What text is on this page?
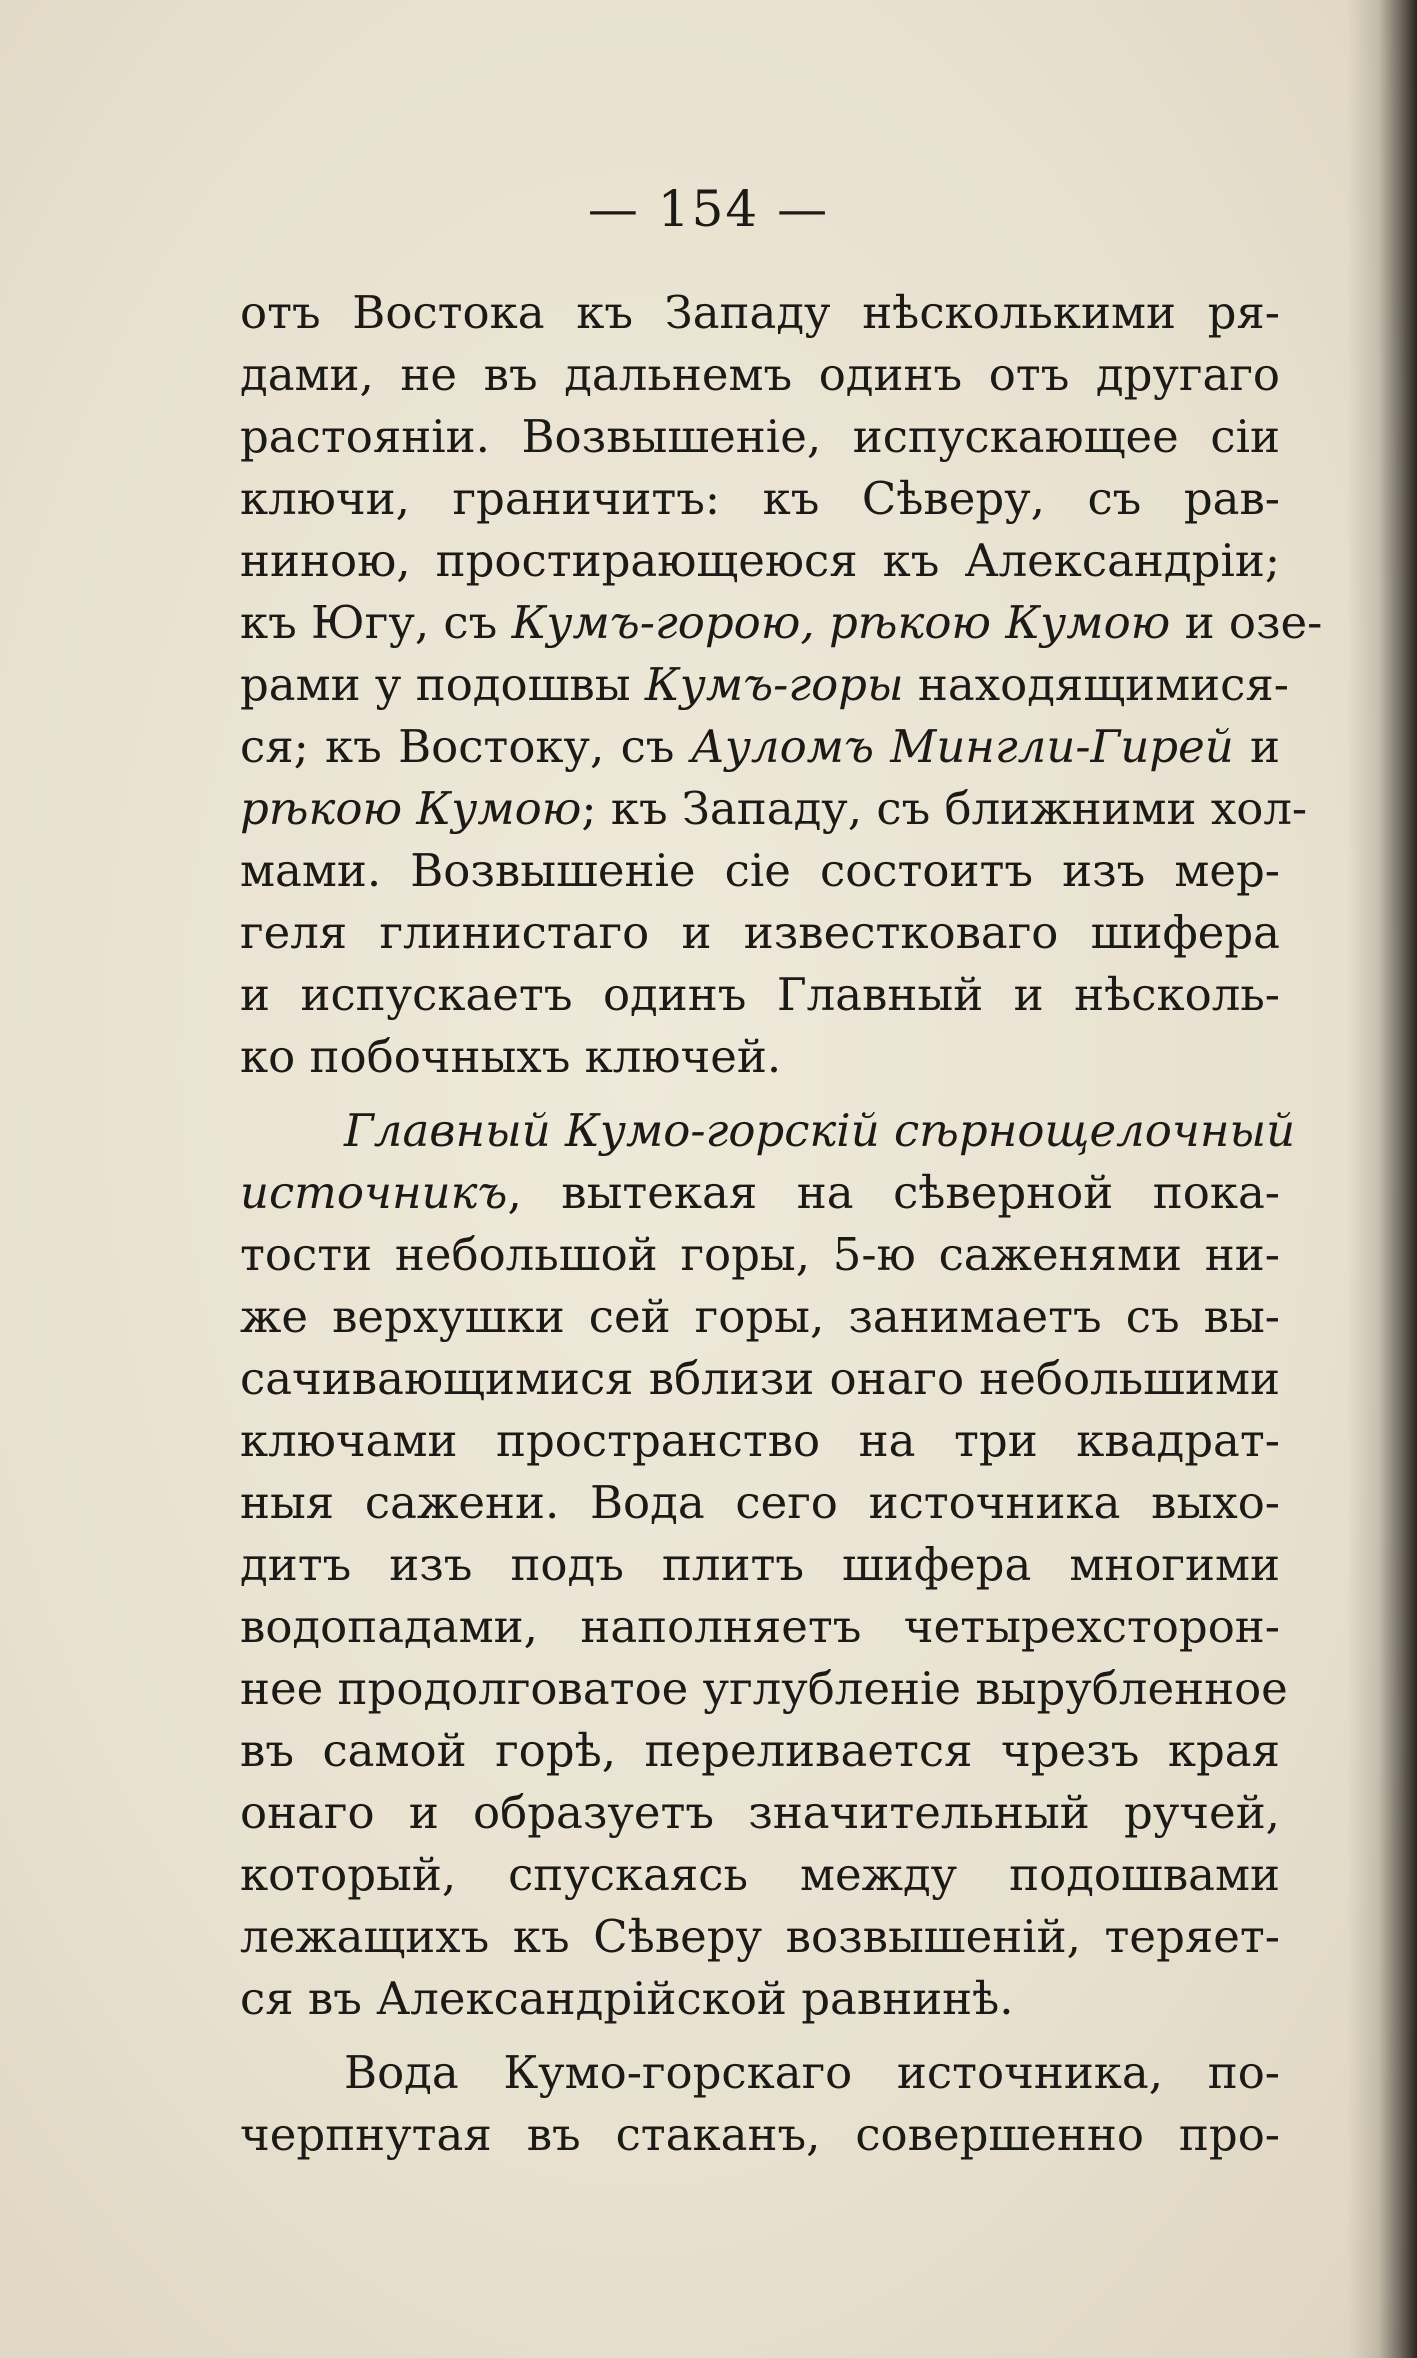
— 154 —
отъ Востока къ Западу нѣсколькими ря-
дами, не въ дальнемъ одинъ отъ другаго
растояніи. Возвышеніе, испускающее сіи
ключи, граничитъ: къ Сѣверу, съ рав-
нинoю, простирающеюся къ Александріи;
къ Югу, съ Кумъ-горою, рѣкою Кумою и озе-
рами у подошвы Кумъ-горы находящимися-
ся; къ Востоку, съ Ауломъ Мингли-Гирей и
рѣкою Кумою; къ Западу, съ ближними хол-
мами. Возвышеніе сіе состоитъ изъ мер-
геля глинистаго и известковаго шифера
и испускаетъ одинъ Главный и нѣсколь-
ко побочныхъ ключей.
Главный Кумо-горскій сѣрнощелочный
источникъ, вытекая на сѣверной пока-
тости небольшой горы, 5-ю саженями ни-
же верхушки сей горы, занимаетъ съ вы-
сачивающимися вблизи онаго небольшими
ключами пространство на три квадрат-
ныя сажени. Вода сего источника выхо-
дитъ изъ подъ плитъ шифера многими
водопадами, наполняетъ четырехсторон-
нее продолговатое углубленіе вырубленное
въ самой горѣ, переливается чрезъ края
онаго и образуетъ значительный ручей,
который, спускаясь между подошвами
лежащихъ къ Сѣверу возвышеній, теряет-
ся въ Александрійской равнинѣ.
Вода Кумо-горскаго источника, по-
черпнутая въ стаканъ, совершенно про-
